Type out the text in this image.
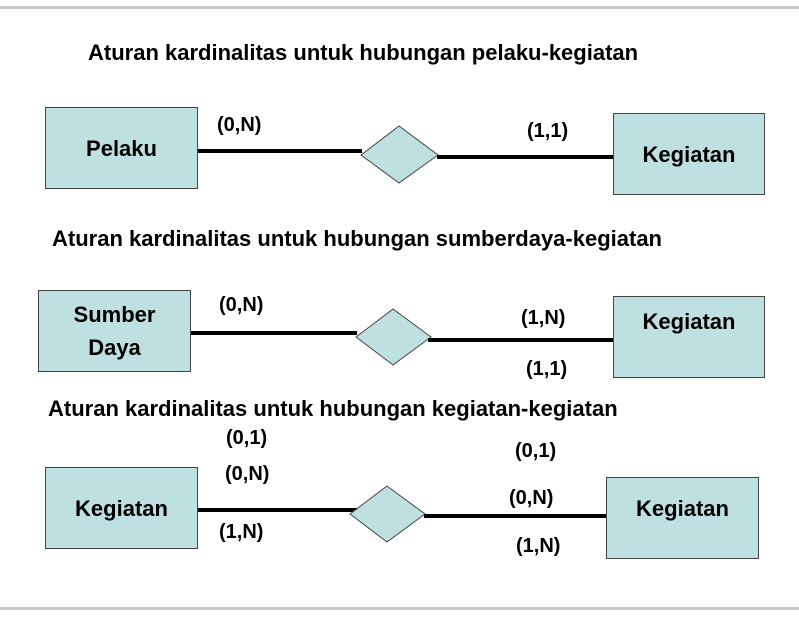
Aturan kardinalitas untuk hubungan pelaku-kegiatan
Pelaku
(0,N)	(1,1)
Kegiatan
Aturan kardinalitas untuk hubungan sumberdaya-kegiatan
Sumber
Daya
(0,N)
(1,N)
(1,1)
Kegiatan
Aturan kardinalitas untuk hubungan kegiatan-kegiatan
(0,1)
(0,N)
(1,N)
(0,1)
(0,N)
(1,N)
Kegiatan	Kegiatan
